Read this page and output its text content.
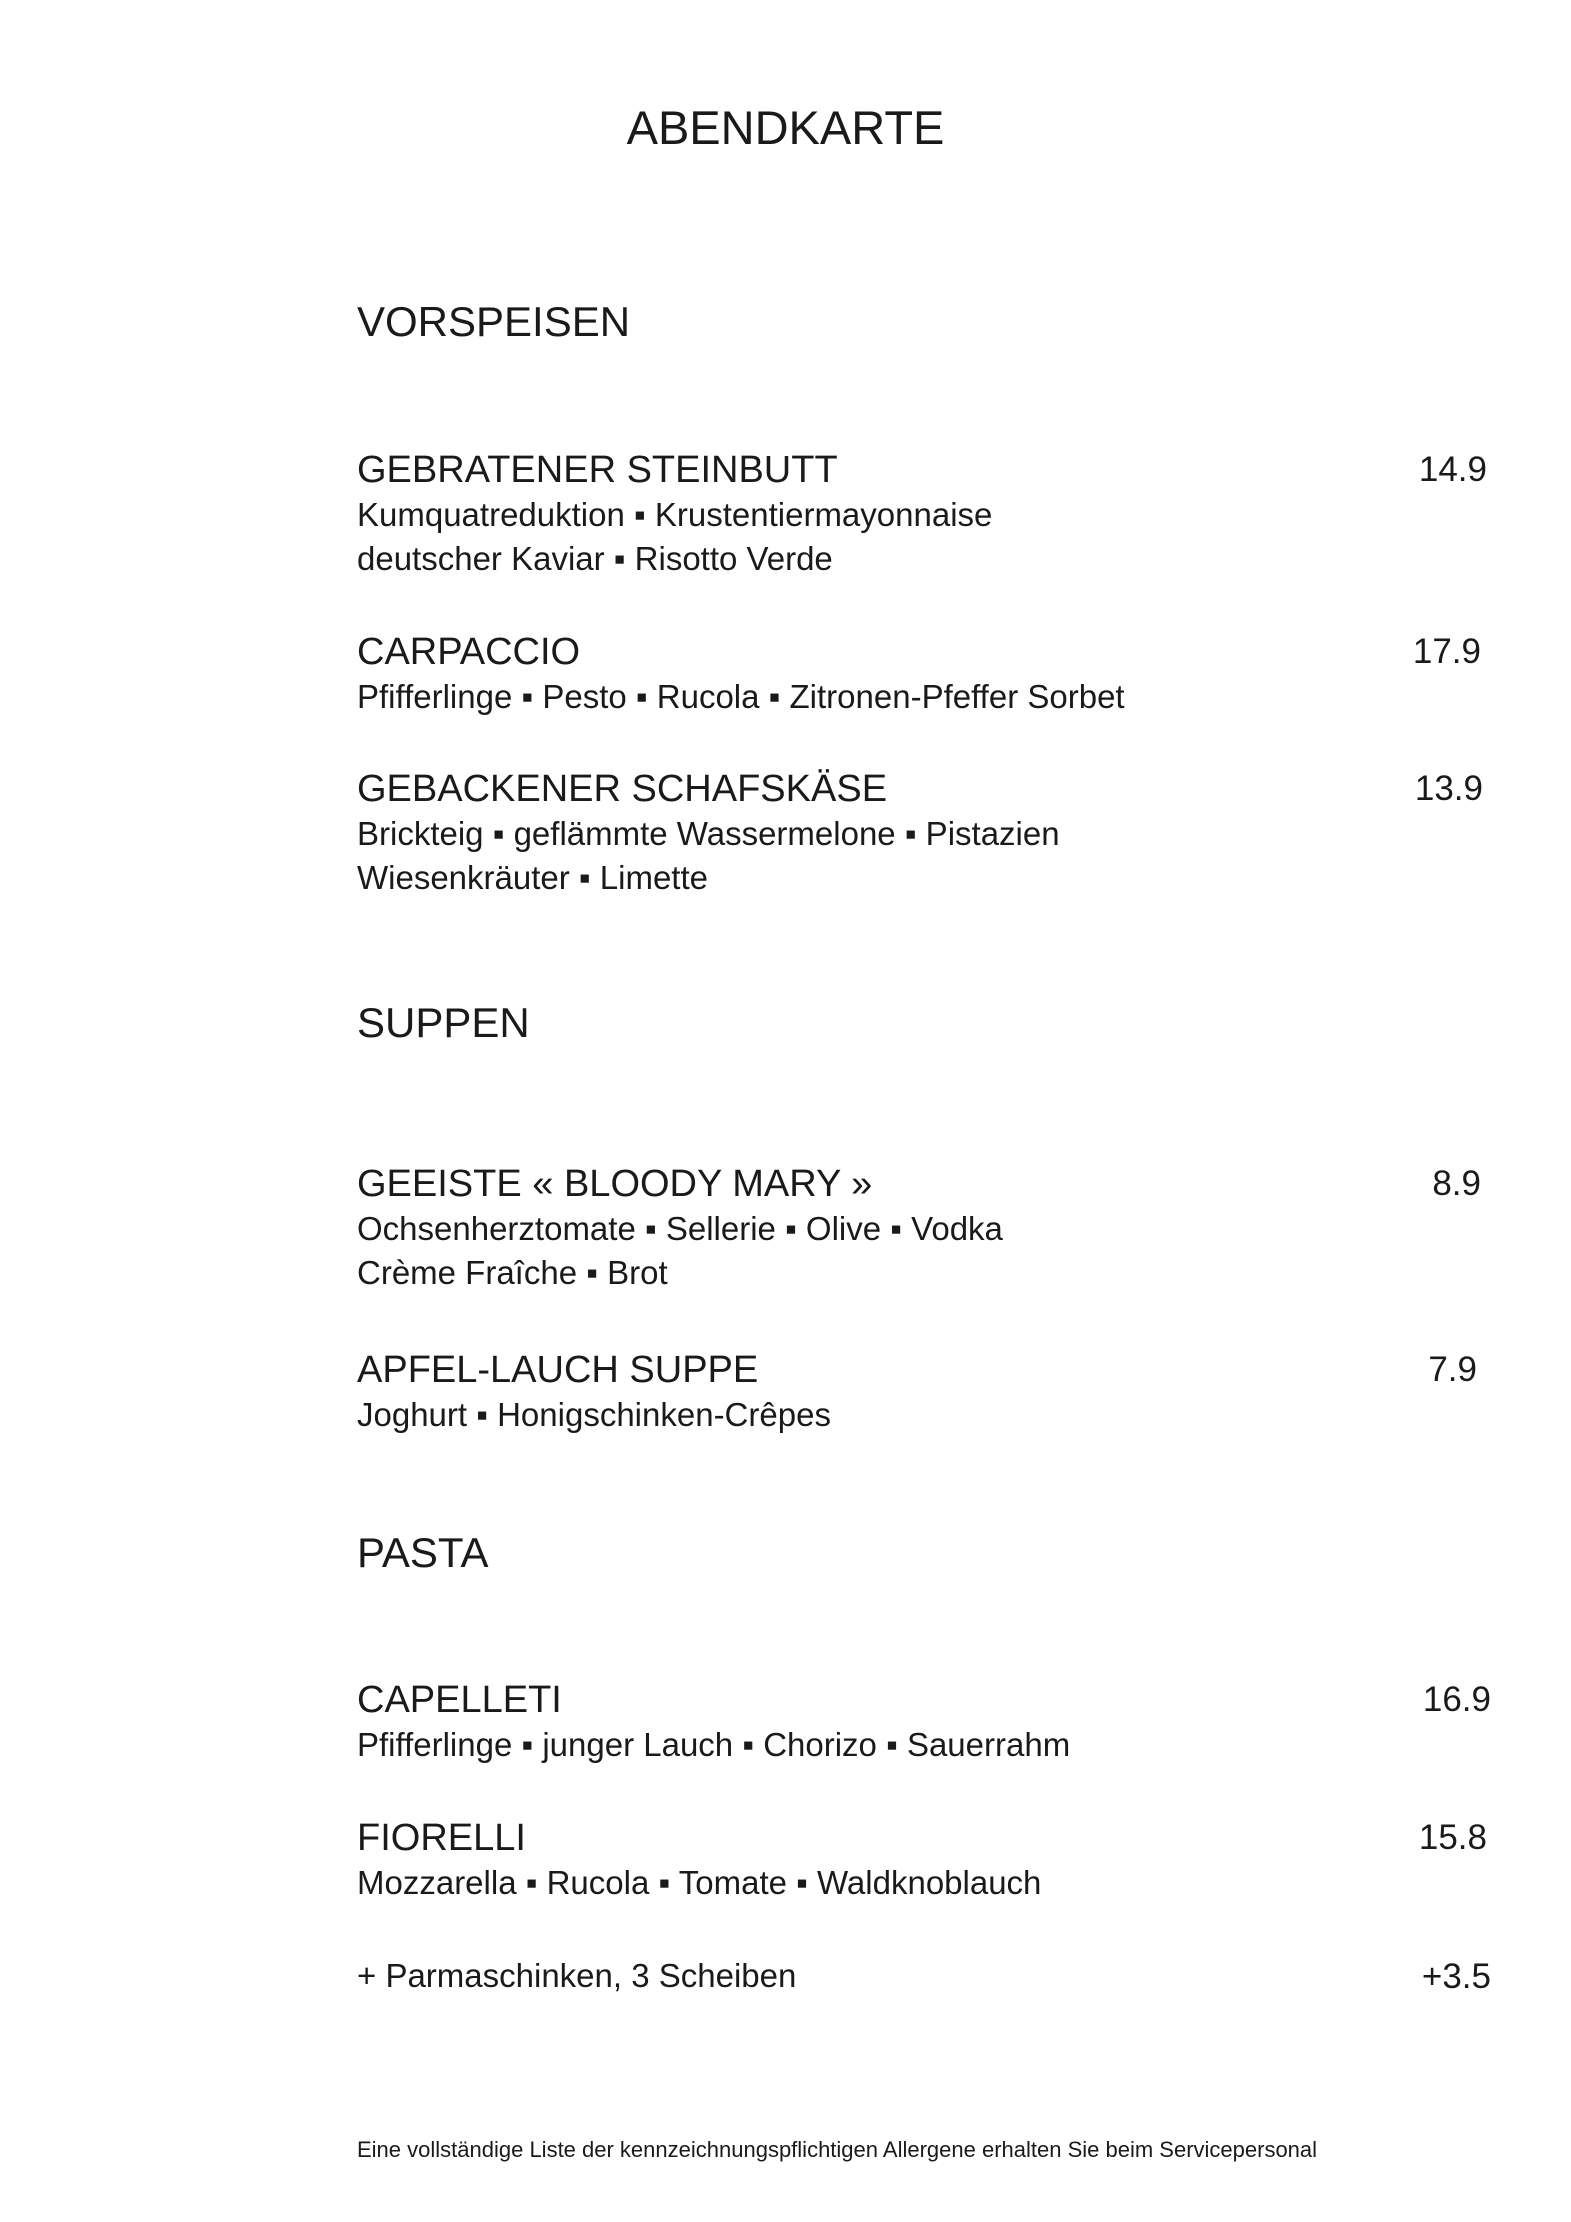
ABENDKARTE
VORSPEISEN

GEBRATENER STEINBUTT

Kumquatreduktion ▪ Krustentiermayonnaise

deutscher Kaviar ▪ Risotto Verde

14.9

CARPACCIO

Pfifferlinge ▪ Pesto ▪ Rucola ▪ Zitronen-Pfeffer Sorbet

17.9

GEBACKENER SCHAFSKÄSE

Brickteig ▪ geflämmte Wassermelone ▪ Pistazien

Wiesenkräuter ▪ Limette

13.9
SUPPEN

GEEISTE « BLOODY MARY »

Ochsenherztomate ▪ Sellerie ▪ Olive ▪ Vodka

Crème Fraîche ▪ Brot

8.9

APFEL-LAUCH SUPPE

Joghurt ▪ Honigschinken-Crêpes

7.9
PASTA

CAPELLETI

Pfifferlinge ▪ junger Lauch ▪ Chorizo ▪ Sauerrahm

16.9

FIORELLI

Mozzarella ▪ Rucola ▪ Tomate ▪ Waldknoblauch

15.8
+ Parmaschinken, 3 Scheiben	+3.5
Eine vollständige Liste der kennzeichnungspflichtigen Allergene erhalten Sie beim Servicepersonal
